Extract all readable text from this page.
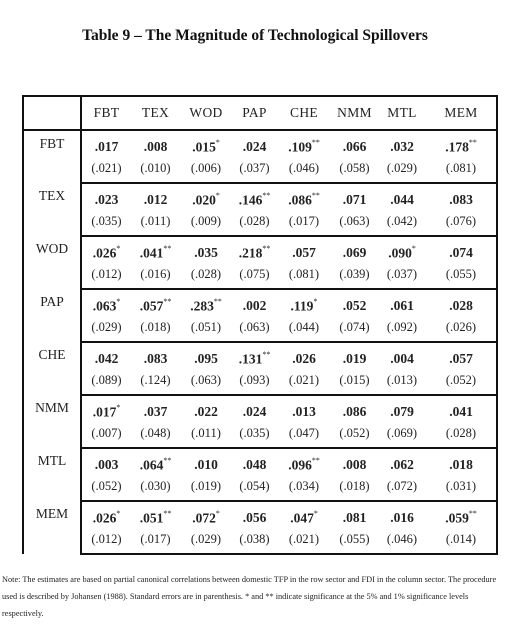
Table 9 – The Magnitude of Technological Spillovers
	FBT	TEX	WOD	PAP	CHE	NMM	MTL	MEM
FBT	.017	.008	.015*	.024	.109**	.066	.032	.178**
	(.021)	(.010)	(.006)	(.037)	(.046)	(.058)	(.029)	(.081)
TEX	.023	.012	.020*	.146**	.086**	.071	.044	.083
	(.035)	(.011)	(.009)	(.028)	(.017)	(.063)	(.042)	(.076)
WOD	.026*	.041**	.035	.218**	.057	.069	.090*	.074
	(.012)	(.016)	(.028)	(.075)	(.081)	(.039)	(.037)	(.055)
PAP	.063*	.057**	.283**	.002	.119*	.052	.061	.028
	(.029)	(.018)	(.051)	(.063)	(.044)	(.074)	(.092)	(.026)
CHE	.042	.083	.095	.131**	.026	.019	.004	.057
	(.089)	(.124)	(.063)	(.093)	(.021)	(.015)	(.013)	(.052)
NMM	.017*	.037	.022	.024	.013	.086	.079	.041
	(.007)	(.048)	(.011)	(.035)	(.047)	(.052)	(.069)	(.028)
MTL	.003	.064**	.010	.048	.096**	.008	.062	.018
	(.052)	(.030)	(.019)	(.054)	(.034)	(.018)	(.072)	(.031)
MEM	.026*	.051**	.072*	.056	.047*	.081	.016	.059**
	(.012)	(.017)	(.029)	(.038)	(.021)	(.055)	(.046)	(.014)
Note: The estimates are based on partial canonical correlations between domestic TFP in the row sector and FDI in the column sector. The procedure used is described by Johansen (1988). Standard errors are in parenthesis. * and ** indicate significance at the 5% and 1% significance levels respectively.
